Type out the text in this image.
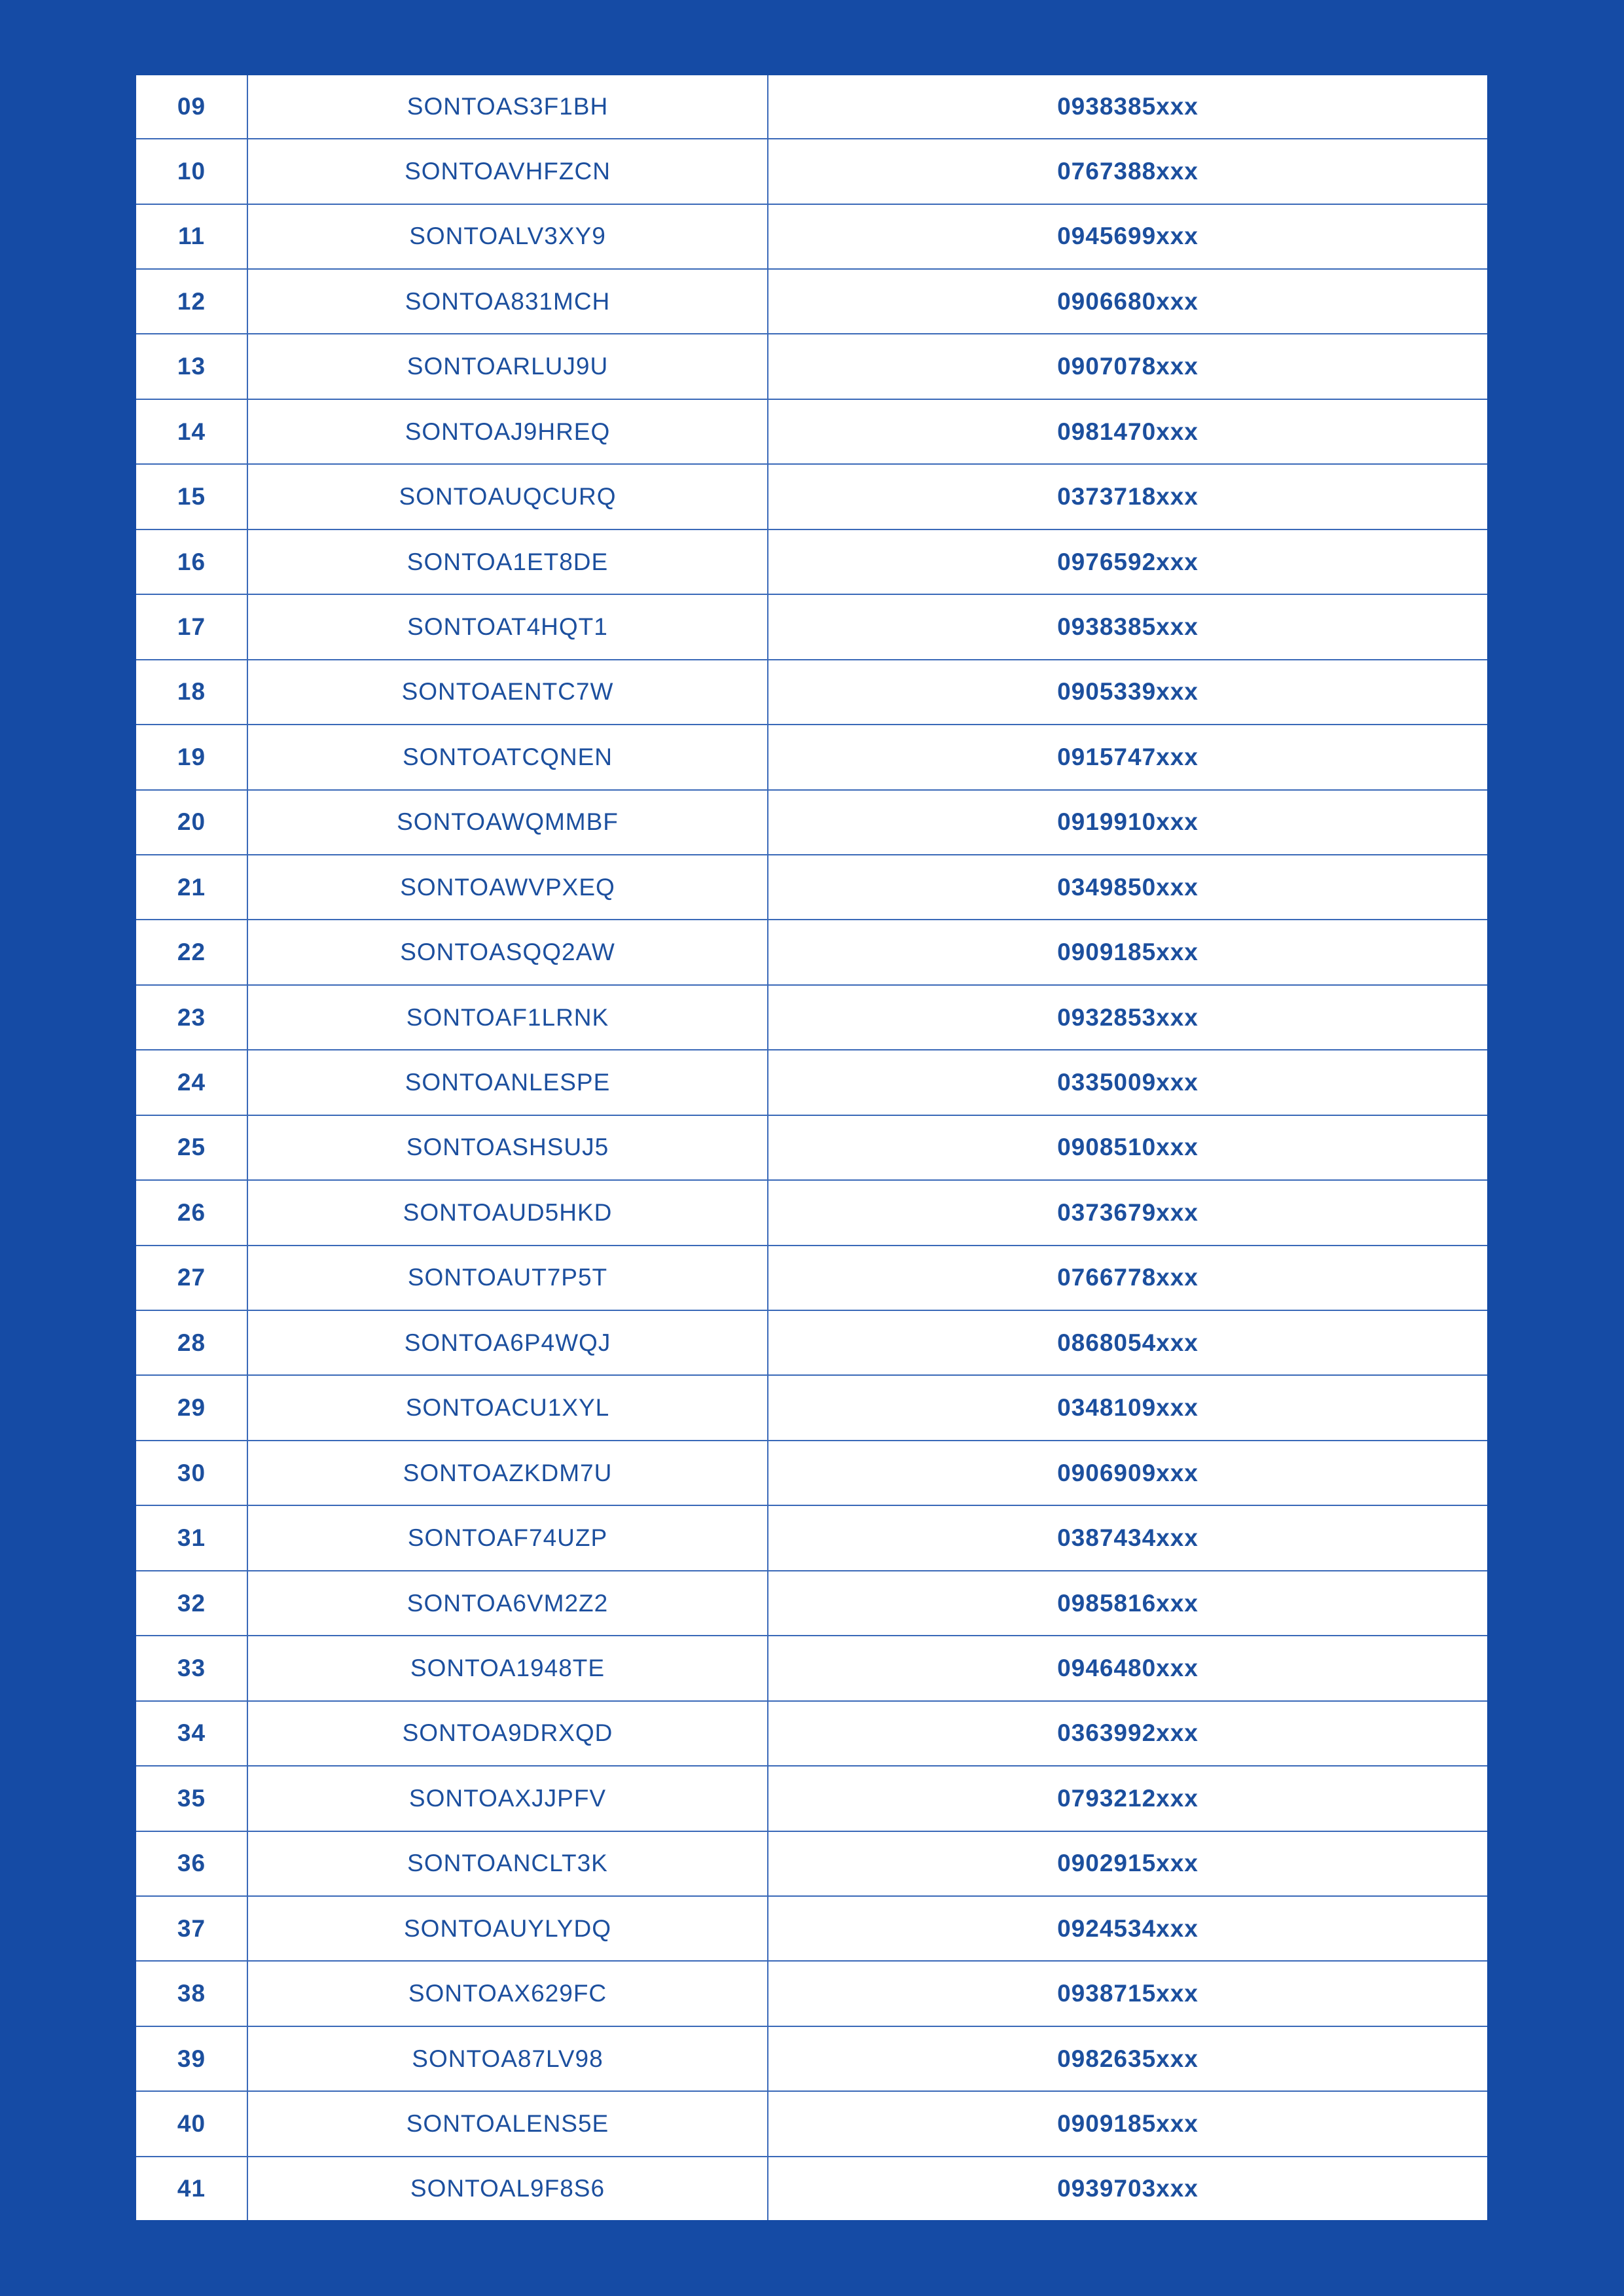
09	SONTOAS3F1BH	0938385xxx
10	SONTOAVHFZCN	0767388xxx
11	SONTOALV3XY9	0945699xxx
12	SONTOA831MCH	0906680xxx
13	SONTOARLUJ9U	0907078xxx
14	SONTOAJ9HREQ	0981470xxx
15	SONTOAUQCURQ	0373718xxx
16	SONTOA1ET8DE	0976592xxx
17	SONTOAT4HQT1	0938385xxx
18	SONTOAENTC7W	0905339xxx
19	SONTOATCQNEN	0915747xxx
20	SONTOAWQMMBF	0919910xxx
21	SONTOAWVPXEQ	0349850xxx
22	SONTOASQQ2AW	0909185xxx
23	SONTOAF1LRNK	0932853xxx
24	SONTOANLESPE	0335009xxx
25	SONTOASHSUJ5	0908510xxx
26	SONTOAUD5HKD	0373679xxx
27	SONTOAUT7P5T	0766778xxx
28	SONTOA6P4WQJ	0868054xxx
29	SONTOACU1XYL	0348109xxx
30	SONTOAZKDM7U	0906909xxx
31	SONTOAF74UZP	0387434xxx
32	SONTOA6VM2Z2	0985816xxx
33	SONTOA1948TE	0946480xxx
34	SONTOA9DRXQD	0363992xxx
35	SONTOAXJJPFV	0793212xxx
36	SONTOANCLT3K	0902915xxx
37	SONTOAUYLYDQ	0924534xxx
38	SONTOAX629FC	0938715xxx
39	SONTOA87LV98	0982635xxx
40	SONTOALENS5E	0909185xxx
41	SONTOAL9F8S6	0939703xxx
